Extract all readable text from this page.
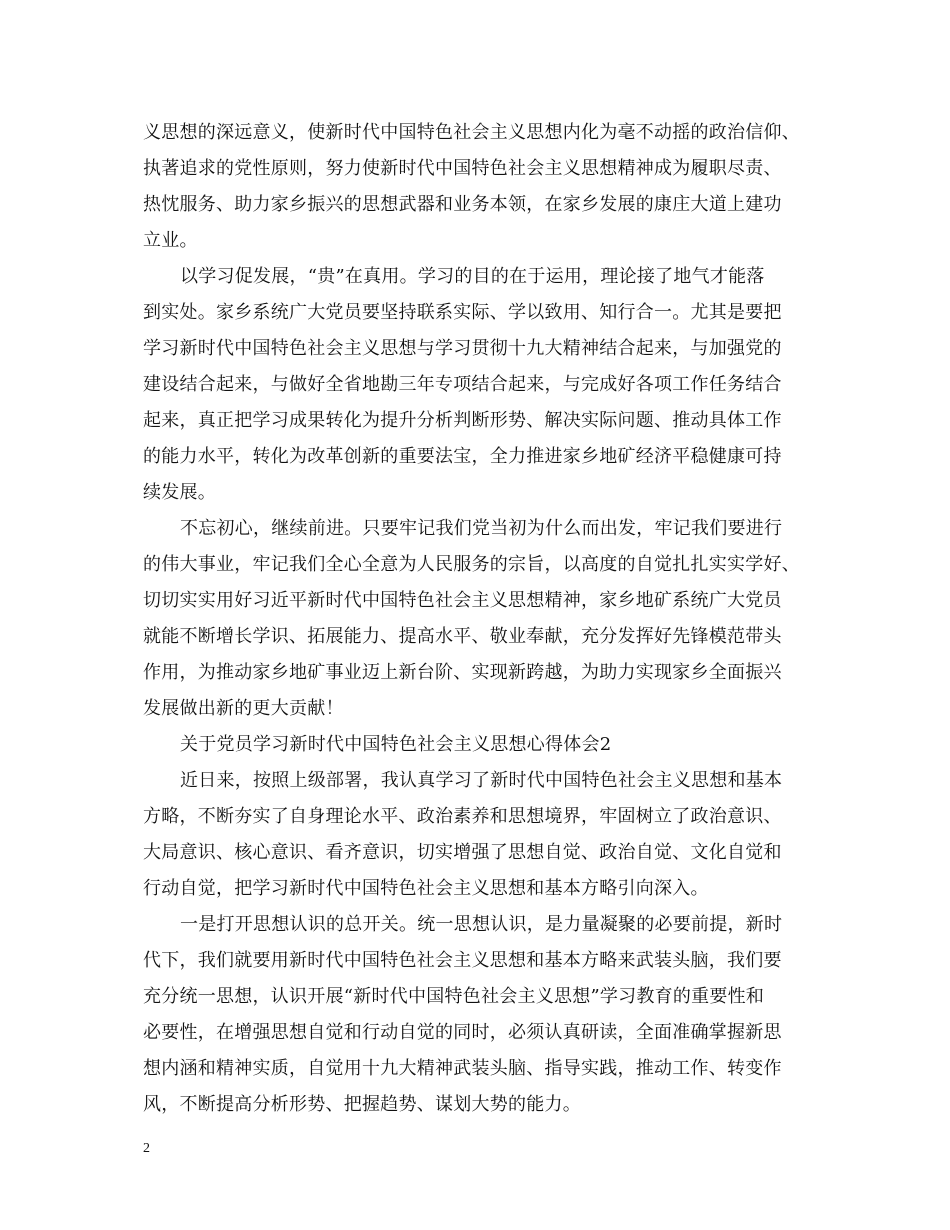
义思想的深远意义，使新时代中国特色社会主义思想内化为毫不动摇的政治信仰、
执著追求的党性原则，努力使新时代中国特色社会主义思想精神成为履职尽责、
热忱服务、助力家乡振兴的思想武器和业务本领，在家乡发展的康庄大道上建功
立业。
以学习促发展，“贵”在真用。学习的目的在于运用，理论接了地气才能落
到实处。家乡系统广大党员要坚持联系实际、学以致用、知行合一。尤其是要把
学习新时代中国特色社会主义思想与学习贯彻十九大精神结合起来，与加强党的
建设结合起来，与做好全省地勘三年专项结合起来，与完成好各项工作任务结合
起来，真正把学习成果转化为提升分析判断形势、解决实际问题、推动具体工作
的能力水平，转化为改革创新的重要法宝，全力推进家乡地矿经济平稳健康可持
续发展。
不忘初心，继续前进。只要牢记我们党当初为什么而出发，牢记我们要进行
的伟大事业，牢记我们全心全意为人民服务的宗旨，以高度的自觉扎扎实实学好、
切切实实用好习近平新时代中国特色社会主义思想精神，家乡地矿系统广大党员
就能不断增长学识、拓展能力、提高水平、敬业奉献，充分发挥好先锋模范带头
作用，为推动家乡地矿事业迈上新台阶、实现新跨越，为助力实现家乡全面振兴
发展做出新的更大贡献！
关于党员学习新时代中国特色社会主义思想心得体会2
近日来，按照上级部署，我认真学习了新时代中国特色社会主义思想和基本
方略，不断夯实了自身理论水平、政治素养和思想境界，牢固树立了政治意识、
大局意识、核心意识、看齐意识，切实增强了思想自觉、政治自觉、文化自觉和
行动自觉，把学习新时代中国特色社会主义思想和基本方略引向深入。
一是打开思想认识的总开关。统一思想认识，是力量凝聚的必要前提，新时
代下，我们就要用新时代中国特色社会主义思想和基本方略来武装头脑，我们要
充分统一思想，认识开展“新时代中国特色社会主义思想”学习教育的重要性和
必要性，在增强思想自觉和行动自觉的同时，必须认真研读，全面准确掌握新思
想内涵和精神实质，自觉用十九大精神武装头脑、指导实践，推动工作、转变作
风，不断提高分析形势、把握趋势、谋划大势的能力。
2
